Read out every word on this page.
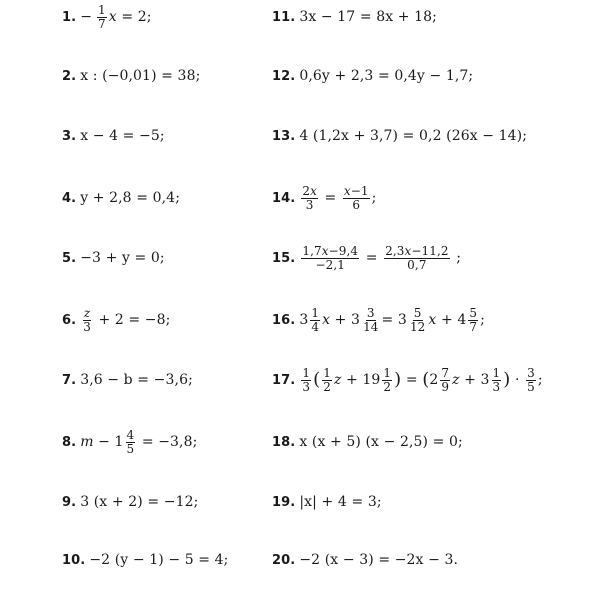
1. − $\frac{1}{7}$ x = 2;
2. x : (−0,01) = 38;
3. x − 4 = −5;
4. y + 2,8 = 0,4;
5. −3 + y = 0;
6. $\frac{z}{3} + 2 = -8$;
7. 3,6 − b = −3,6;
8. $m - 1 \frac{4}{5} = -3,8$;
9. 3 (x + 2) = −12;
10. −2 (y − 1) − 5 = 4;
11. 3x − 17 = 8x + 18;
12. 0,6y + 2,3 = 0,4y − 1,7;
13. 4 (1,2x + 3,7) = 0,2 (26x − 14);
14. $\frac{2x}{3} = \frac{x-1}{6}$ ;
15. $\frac{1,7x-9,4}{-2,1} = \frac{2,3x-11,2}{0,7}$ ;
16. $3 \frac{1}{4}$ $x + 3 \frac{3}{14} = 3 \frac{5}{12}$ $x + 4 \frac{5}{7}$ ;
17. $\frac{1}{3}$ ( $\frac{1}{2}$ $z + 19 \frac{1}{2}$ ) = ( $2 \frac{7}{9}$ $z + 3 \frac{1}{3}$ ) · $\frac{3}{5}$ ;
18. x (x + 5) (x − 2,5) = 0;
19. |x| + 4 = 3;
20. −2 (x − 3) = −2x − 3.
